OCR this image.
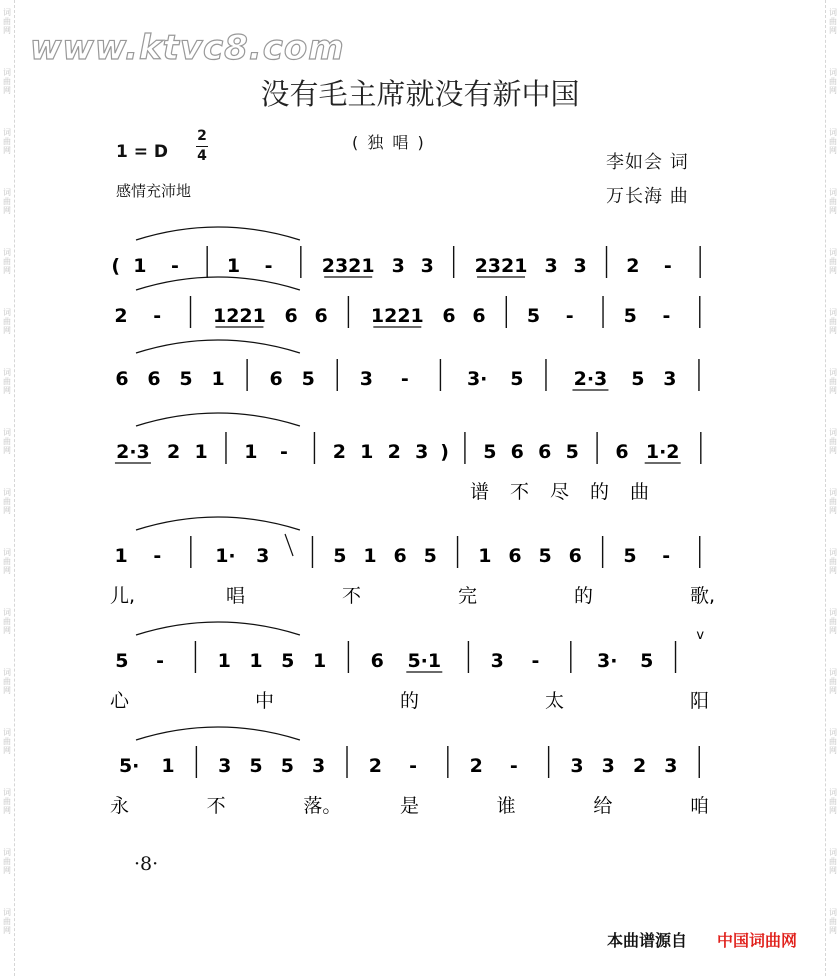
词曲网
词曲网
词曲网
词曲网
词曲网
词曲网
词曲网
词曲网
词曲网
词曲网
词曲网
词曲网
词曲网
词曲网
词曲网
词曲网
词曲网
词曲网
词曲网
词曲网
词曲网
词曲网
词曲网
词曲网
词曲网
词曲网
词曲网
词曲网
词曲网
词曲网
词曲网
词曲网
www.ktvc8.com
没有毛主席就没有新中国
( 独 唱 )
1 = D
2
4
感情充沛地
李如会 词
万长海 曲
( 1 -	1 -	2321 3 3 2321 3 3 2 -
2 -	1221 6 6 1221 6 6 5 -	5 -
6 6 5 1 6 5 3 -	3· 5	2·3 5 3
2·3 2 1 1 - 2 1 2 3 ) 5 6 6 5 6 1·2
1 -	1· 3	5 1 6 5 1 6 5 6 5 -
5 -	1 1 5 1 6 5·1	3 -	3· 5
v
5· 1 3 5 5 3 2 -	2 -	3 3 2 3
谱 不 尽 的 曲
儿,	唱	不	完	的	歌,
心	中	的	太	阳
永	不	落。	是	谁	给	咱
·8·
本曲谱源自 中国词曲网
